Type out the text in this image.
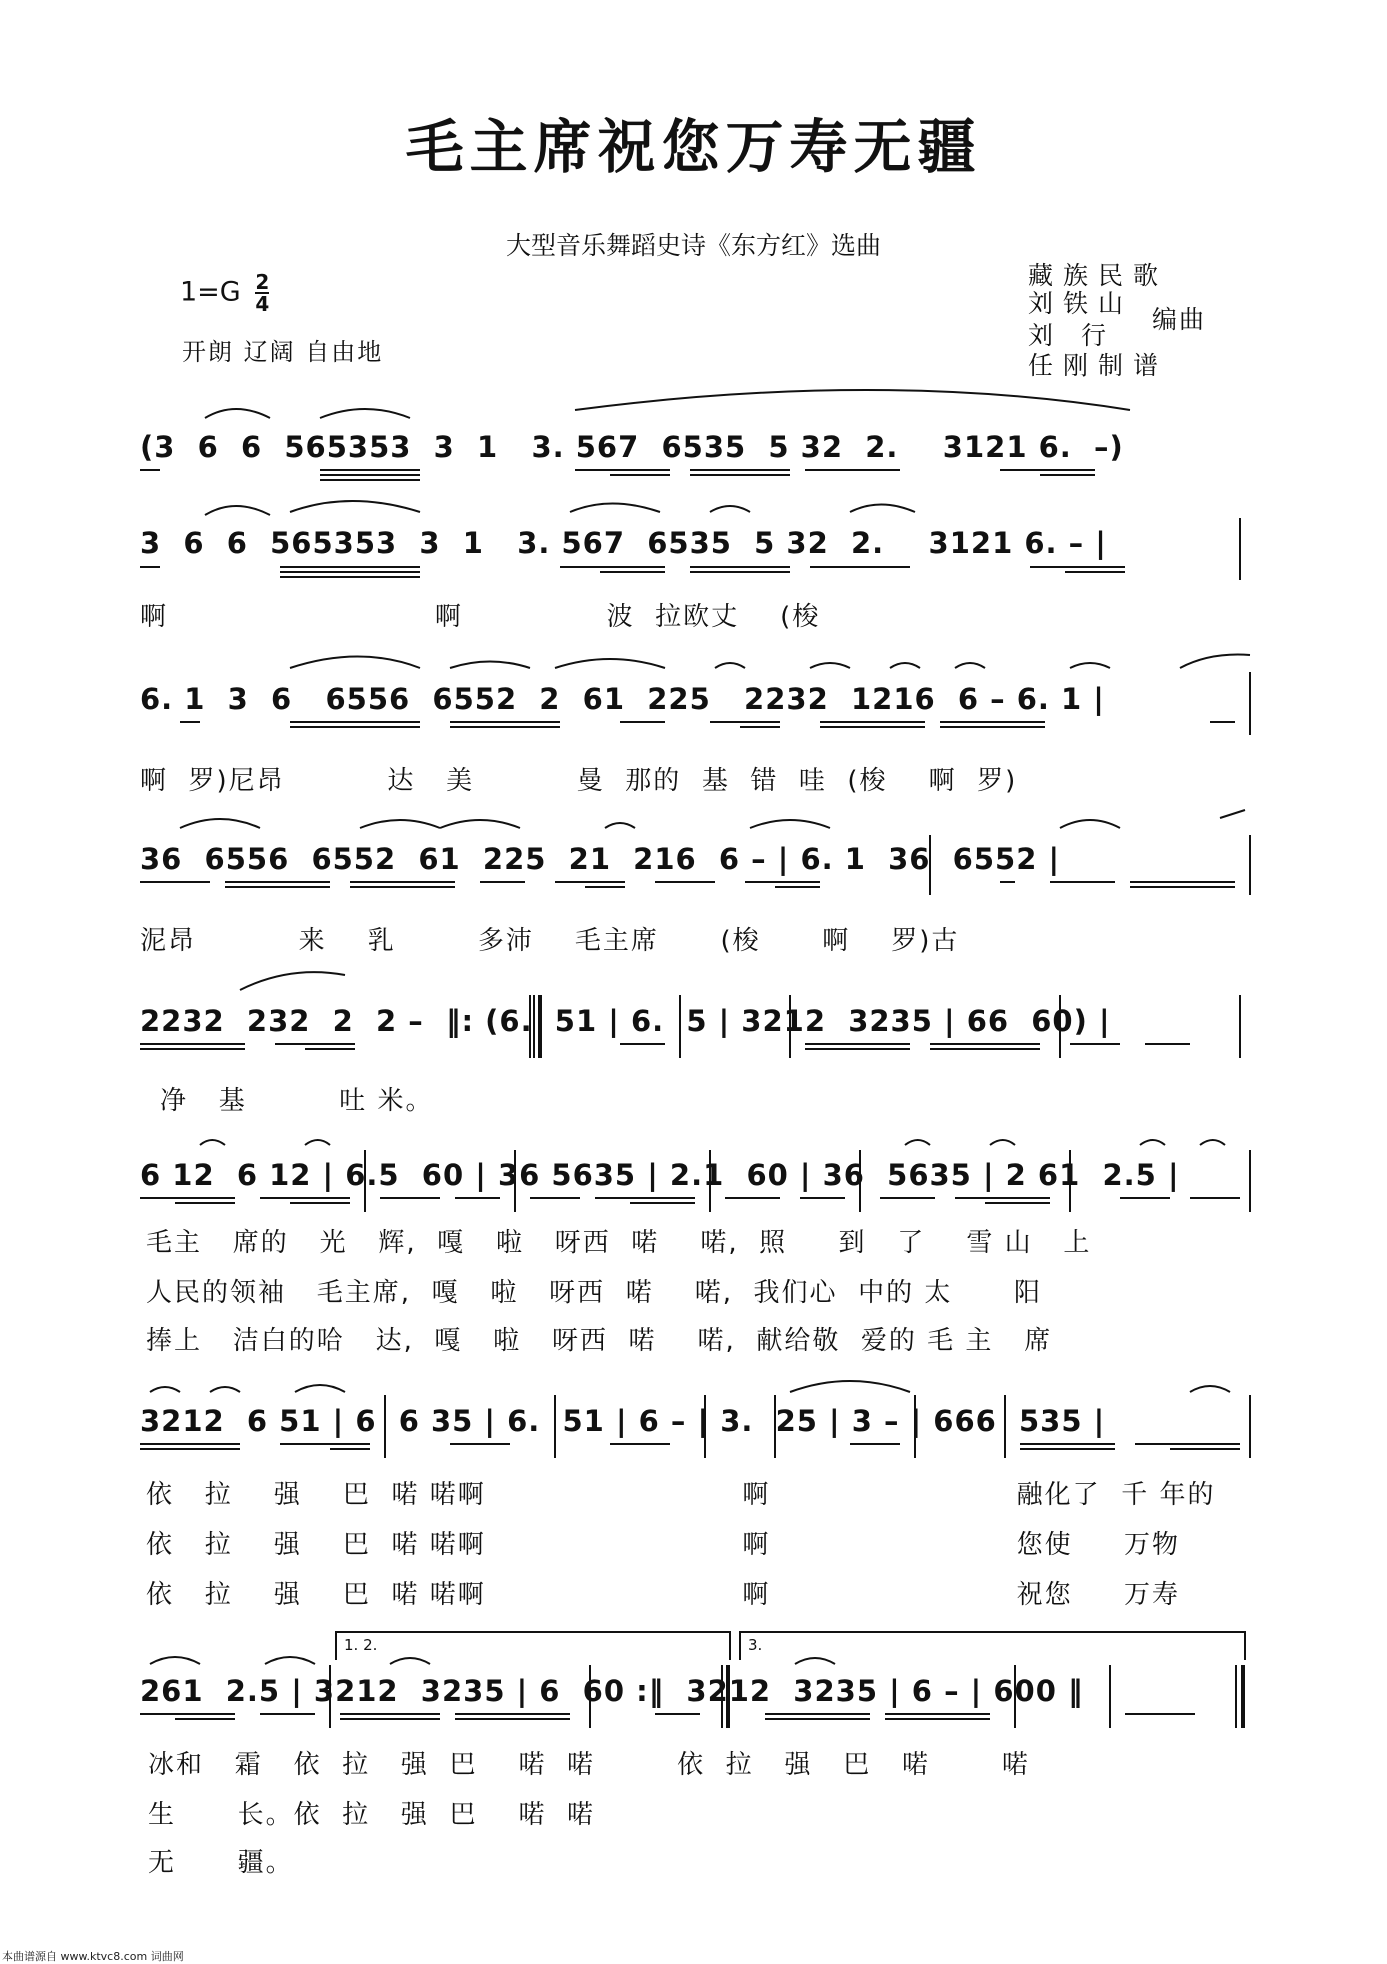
毛主席祝您万寿无疆
大型音乐舞蹈史诗《东方红》选曲
$1=G \frac{2}{4}$
开朗 辽阔 自由地
藏族民歌
刘铁山
编曲
刘 行
任刚制谱
(3  6  6  565353  3  1   3. 567  6535  5 32  2.    3121 6.  –)
3  6  6  565353  3  1   3. 567  6535  5 32  2.    3121 6. – |
啊                          啊              波  拉欧丈    (梭
6. 1  3  6   6556  6552  2  61  225   2232  1216  6 – 6. 1 |
啊  罗)尼昂          达   美          曼  那的  基  错  哇  (梭    啊  罗)
36  6556  6552  61  225  21  216  6 – | 6. 1  36  6552 |
泥昂          来    乳        多沛    毛主席      (梭      啊    罗)古
2232  232  2  2 –  ‖: (6.  51 | 6.  5 | 3212  3235 | 66  60) |
净   基         吐 米。
6 12  6 12 | 6.5  60 | 36 5635 | 2.1  60 | 36  5635 | 2 61  2.5 |
毛主   席的   光   辉,  嘎   啦   呀西  喏    喏,  照     到   了    雪 山   上
人民的领袖   毛主席,  嘎   啦   呀西  喏    喏,  我们心  中的 太      阳
捧上   洁白的哈   达,  嘎   啦   呀西  喏    喏,  献给敬  爱的 毛 主   席
3212  6 51 | 6  6 35 | 6.  51 | 6 – | 3.  25 | 3 – | 666  535 |
依   拉    强    巴  喏 喏啊                         啊                        融化了  千 年的
依   拉    强    巴  喏 喏啊                         啊                        您使     万物
依   拉    强    巴  喏 喏啊                         啊                        祝您     万寿
1. 2.	3.
261  2.5 | 3212  3235 | 6  60 :‖  3212  3235 | 6 – | 600 ‖
冰和   霜   依  拉   强  巴    喏  喏        依  拉   强   巴   喏       喏
生      长。依  拉   强  巴    喏  喏
无      疆。
本曲谱源自 www.ktvc8.com 词曲网
